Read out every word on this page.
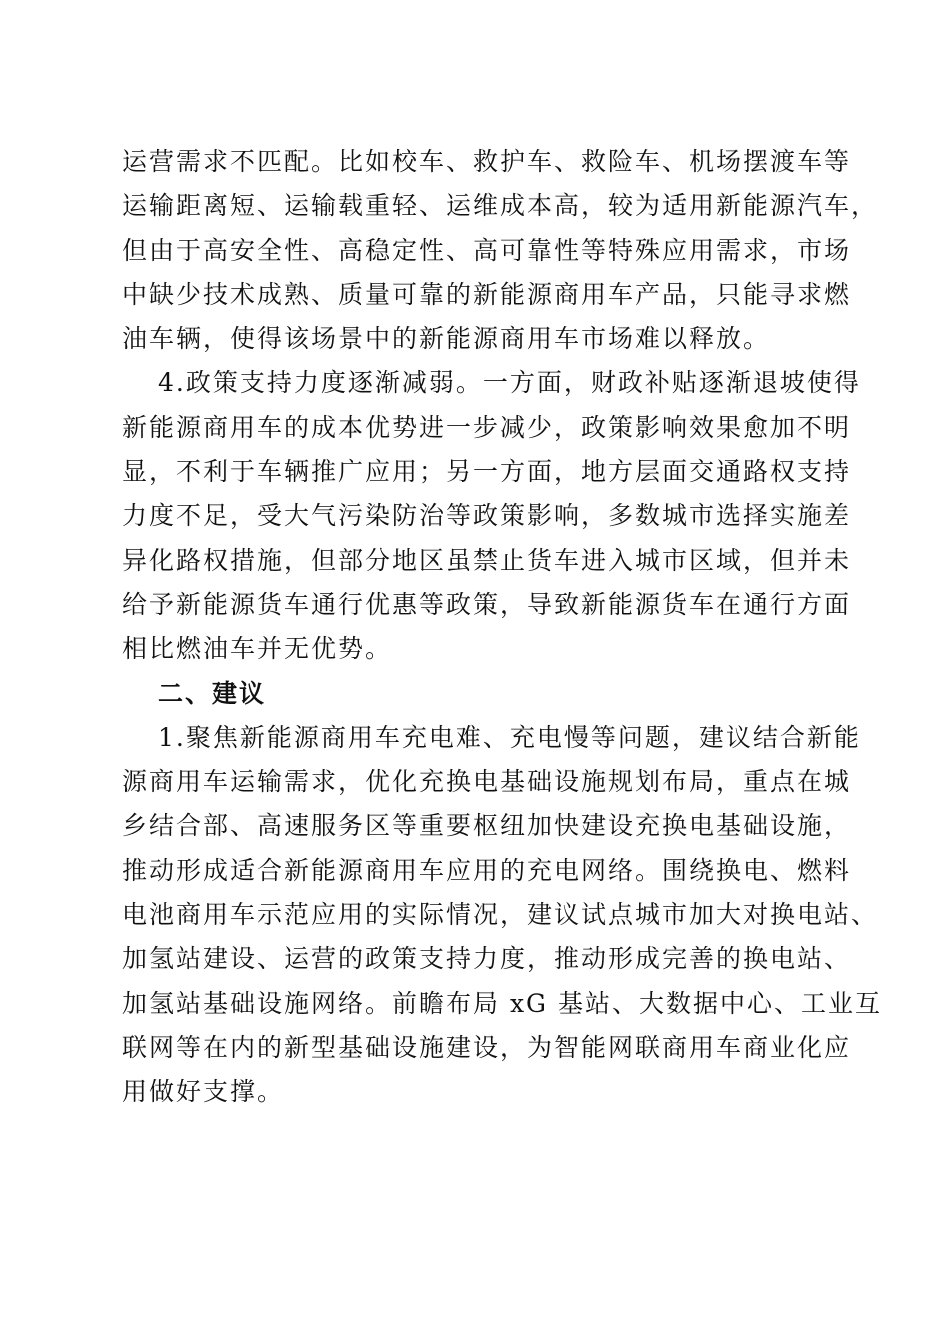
运营需求不匹配。比如校车、救护车、救险车、机场摆渡车等
运输距离短、运输载重轻、运维成本高，较为适用新能源汽车，
但由于高安全性、高稳定性、高可靠性等特殊应用需求，市场
中缺少技术成熟、质量可靠的新能源商用车产品，只能寻求燃
油车辆，使得该场景中的新能源商用车市场难以释放。
4.政策支持力度逐渐减弱。一方面，财政补贴逐渐退坡使得
新能源商用车的成本优势进一步减少，政策影响效果愈加不明
显，不利于车辆推广应用；另一方面，地方层面交通路权支持
力度不足，受大气污染防治等政策影响，多数城市选择实施差
异化路权措施，但部分地区虽禁止货车进入城市区域，但并未
给予新能源货车通行优惠等政策，导致新能源货车在通行方面
相比燃油车并无优势。
二、建议
1.聚焦新能源商用车充电难、充电慢等问题，建议结合新能
源商用车运输需求，优化充换电基础设施规划布局，重点在城
乡结合部、高速服务区等重要枢纽加快建设充换电基础设施，
推动形成适合新能源商用车应用的充电网络。围绕换电、燃料
电池商用车示范应用的实际情况，建议试点城市加大对换电站、
加氢站建设、运营的政策支持力度，推动形成完善的换电站、
加氢站基础设施网络。前瞻布局 xG 基站、大数据中心、工业互
联网等在内的新型基础设施建设，为智能网联商用车商业化应
用做好支撑。
